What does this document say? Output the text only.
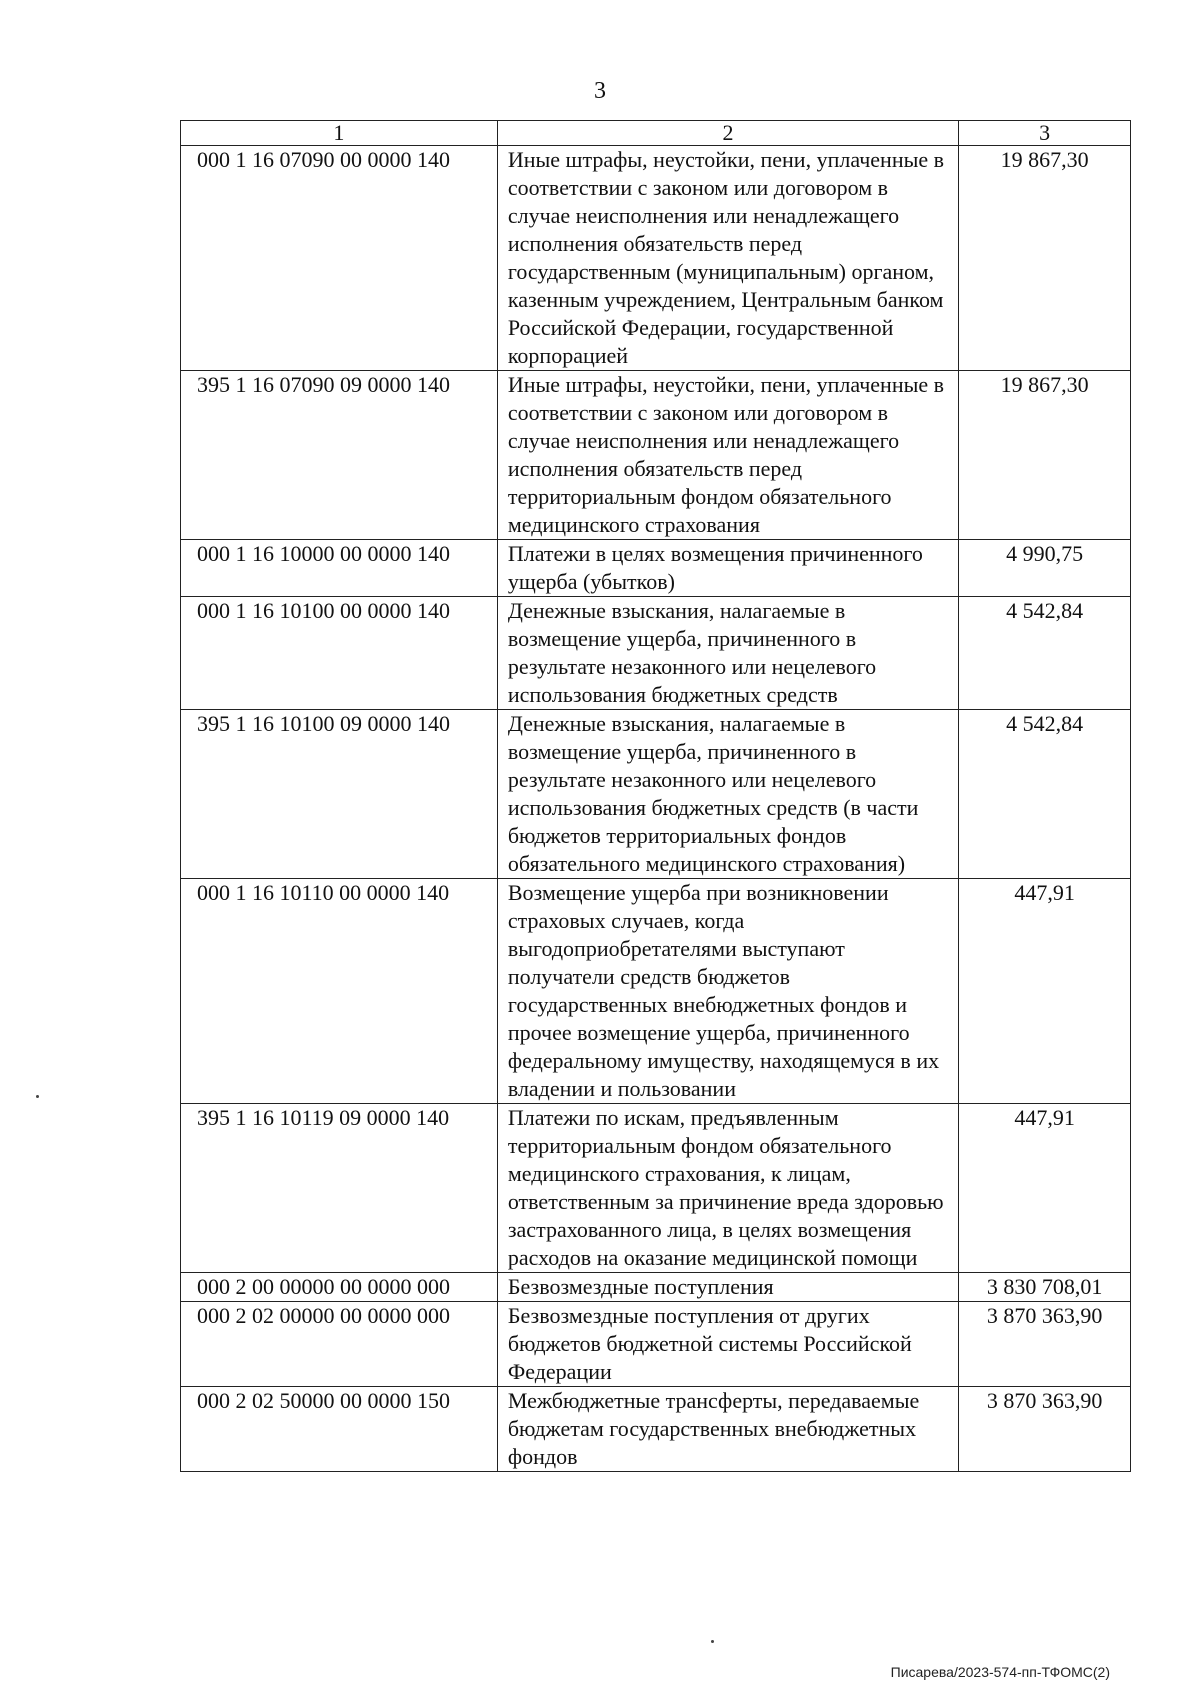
3
1	2	3
000 1 16 07090 00 0000 140	Иные штрафы, неустойки, пени, уплаченные в соответствии с законом или договором в случае неисполнения или ненадлежащего исполнения обязательств перед государственным (муниципальным) органом, казенным учреждением, Центральным банком Российской Федерации, государственной корпорацией	19 867,30
395 1 16 07090 09 0000 140	Иные штрафы, неустойки, пени, уплаченные в соответствии с законом или договором в случае неисполнения или ненадлежащего исполнения обязательств перед территориальным фондом обязательного медицинского страхования	19 867,30
000 1 16 10000 00 0000 140	Платежи в целях возмещения причиненного ущерба (убытков)	4 990,75
000 1 16 10100 00 0000 140	Денежные взыскания, налагаемые в возмещение ущерба, причиненного в результате незаконного или нецелевого использования бюджетных средств	4 542,84
395 1 16 10100 09 0000 140	Денежные взыскания, налагаемые в возмещение ущерба, причиненного в результате незаконного или нецелевого использования бюджетных средств (в части бюджетов территориальных фондов обязательного медицинского страхования)	4 542,84
000 1 16 10110 00 0000 140	Возмещение ущерба при возникновении страховых случаев, когда выгодоприобретателями выступают получатели средств бюджетов государственных внебюджетных фондов и прочее возмещение ущерба, причиненного федеральному имуществу, находящемуся в их владении и пользовании	447,91
395 1 16 10119 09 0000 140	Платежи по искам, предъявленным территориальным фондом обязательного медицинского страхования, к лицам, ответственным за причинение вреда здоровью застрахованного лица, в целях возмещения расходов на оказание медицинской помощи	447,91
000 2 00 00000 00 0000 000	Безвозмездные поступления	3 830 708,01
000 2 02 00000 00 0000 000	Безвозмездные поступления от других бюджетов бюджетной системы Российской Федерации	3 870 363,90
000 2 02 50000 00 0000 150	Межбюджетные трансферты, передаваемые бюджетам государственных внебюджетных фондов	3 870 363,90
Писарева/2023-574-пп-ТФОМС(2)
